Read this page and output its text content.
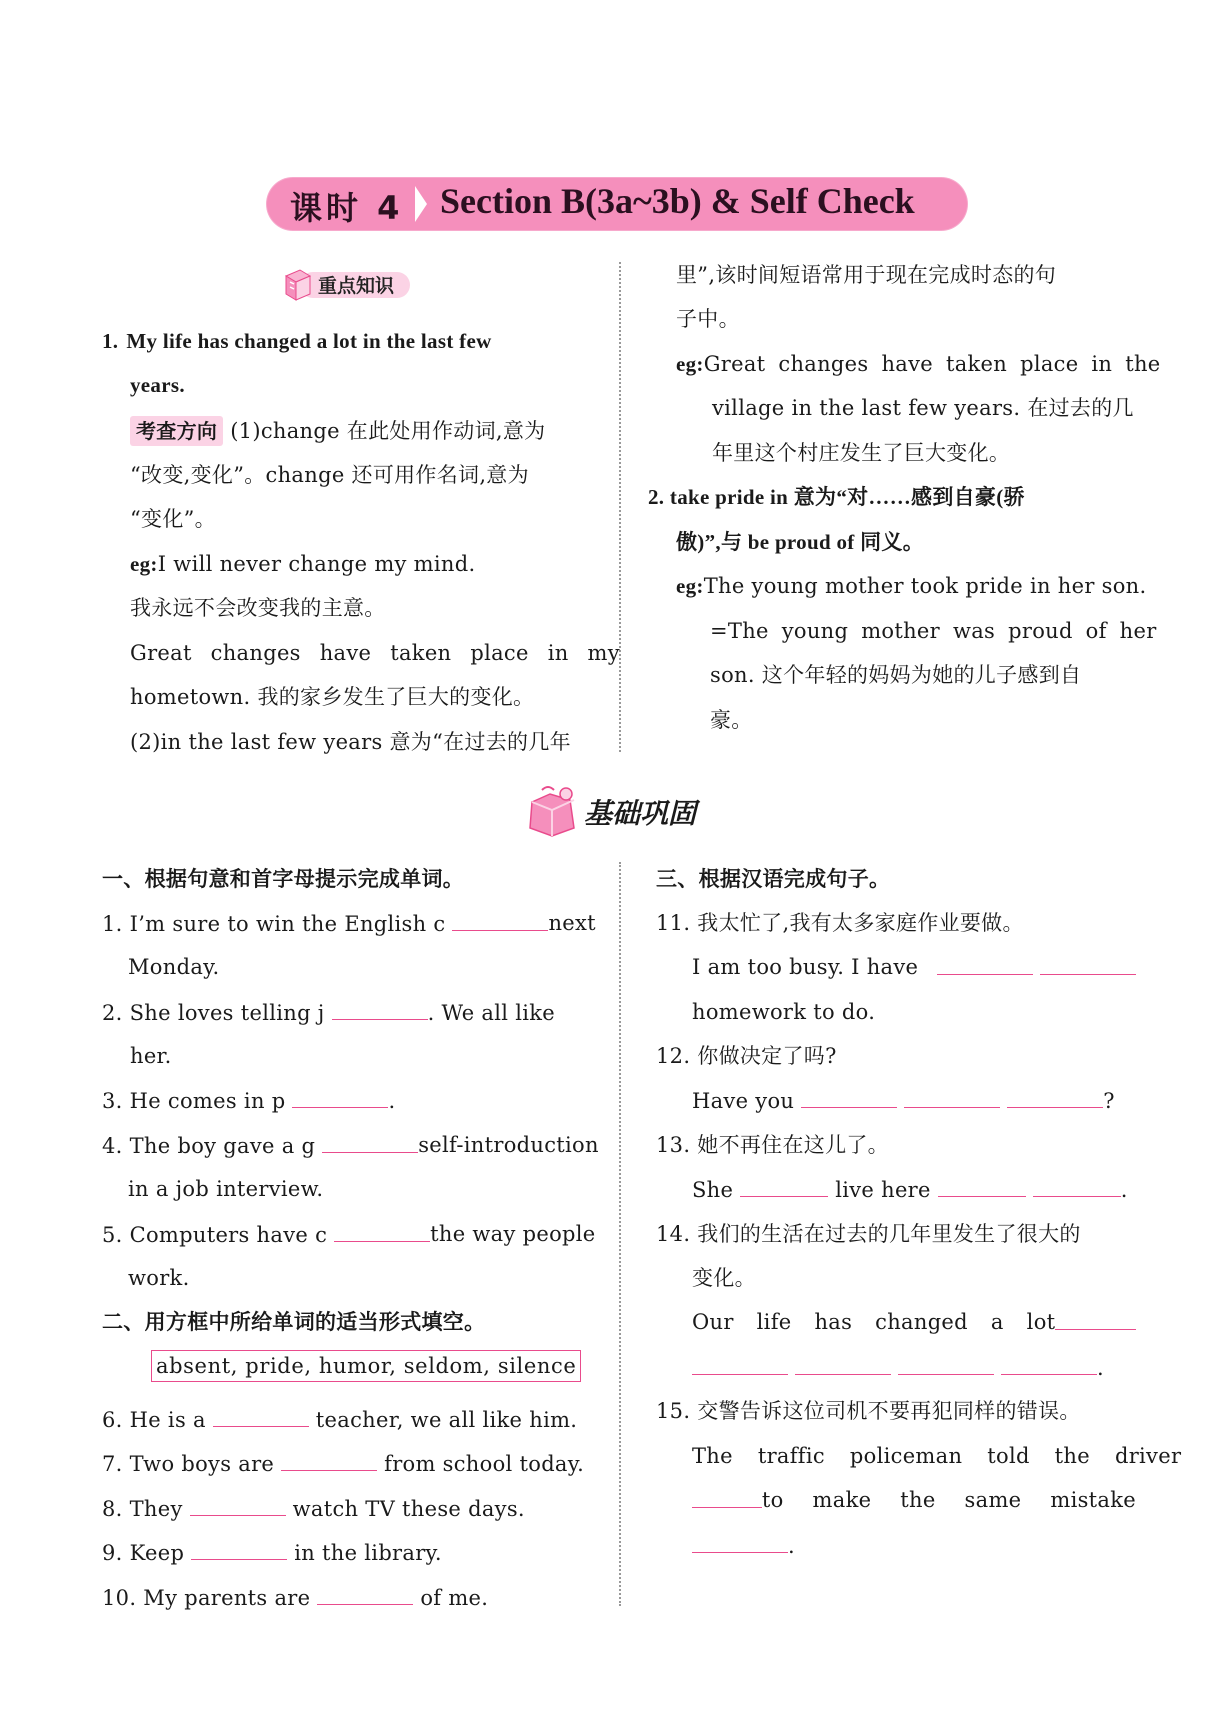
课时 4 Section B(3a~3b) & Self Check
重点知识
1. My life has changed a lot in the last few
years.
考查方向 (1)change 在此处用作动词,意为
“改变,变化”。change 还可用作名词,意为
“变化”。
eg:I will never change my mind.
我永远不会改变我的主意。
Great changes have taken place in my
hometown. 我的家乡发生了巨大的变化。
(2)in the last few years 意为“在过去的几年
里”,该时间短语常用于现在完成时态的句
子中。
eg:Great changes have taken place in the
village in the last few years. 在过去的几
年里这个村庄发生了巨大变化。
2. take pride in 意为“对……感到自豪(骄
傲)”,与 be proud of 同义。
eg:The young mother took pride in her son.
=The young mother was proud of her
son. 这个年轻的妈妈为她的儿子感到自
豪。
基础巩固
一、根据句意和首字母提示完成单词。
1. I’m sure to win the English c	next
Monday.
2. She loves telling j	. We all like
her.
3. He comes in p	.
4. The boy gave a g	self-introduction
in a job interview.
5. Computers have c	the way people
work.
二、用方框中所给单词的适当形式填空。
absent, pride, humor, seldom, silence
6. He is a	teacher, we all like him.
7. Two boys are	from school today.
8. They	watch TV these days.
9. Keep	in the library.
10. My parents are	of me.
三、根据汉语完成句子。
11. 我太忙了,我有太多家庭作业要做。
I am too busy. I have

homework to do.
12. 你做决定了吗?
Have you	?
13. 她不再住在这儿了。
She	live here	.
14. 我们的生活在过去的几年里发生了很大的
变化。
Our life has changed a lot
.
15. 交警告诉这位司机不要再犯同样的错误。
The traffic policeman told the driver
to make the same mistake
.
